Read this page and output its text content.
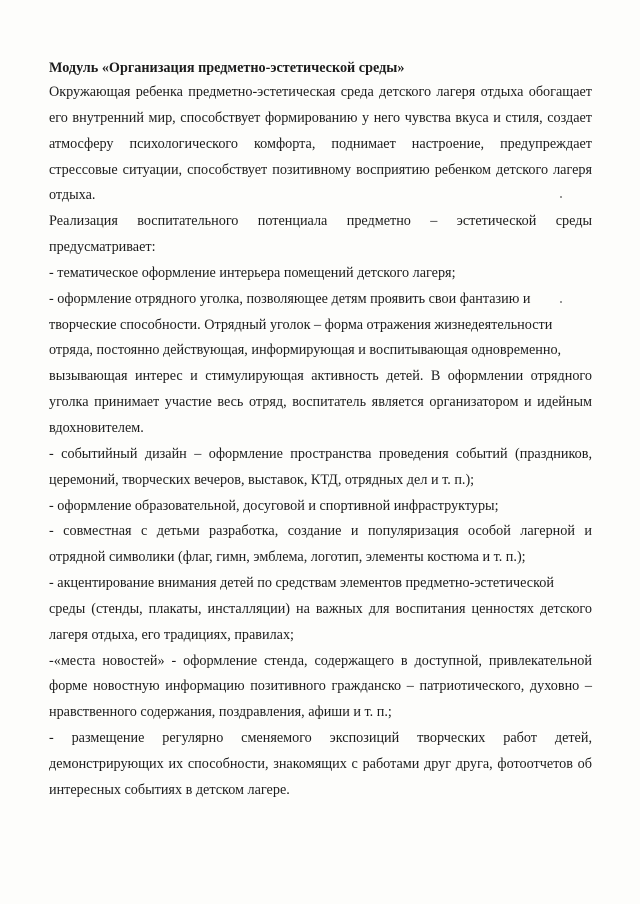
Модуль «Организация предметно-эстетической среды»

Окружающая ребенка предметно-эстетическая среда детского лагеря отдыха обогащает его внутренний мир, способствует формированию у него чувства вкуса и стиля, создает атмосферу психологического комфорта, поднимает настроение, предупреждает стрессовые ситуации, способствует позитивному восприятию ребенком детского лагеря отдыха.

Реализация воспитательного потенциала предметно – эстетической среды предусматривает:

- тематическое оформление интерьера помещений детского лагеря;

- оформление отрядного уголка, позволяющее детям проявить свои фантазию и
творческие способности. Отрядный уголок – форма отражения жизнедеятельности
отряда, постоянно действующая, информирующая и воспитывающая одновременно,
вызывающая интерес и стимулирующая активность детей. В оформлении отрядного уголка принимает участие весь отряд, воспитатель является организатором и идейным вдохновителем.

- событийный дизайн – оформление пространства проведения событий (праздников, церемоний, творческих вечеров, выставок, КТД, отрядных дел и т. п.);

- оформление образовательной, досуговой и спортивной инфраструктуры;

- совместная с детьми разработка, создание и популяризация особой лагерной и отрядной символики (флаг, гимн, эмблема, логотип, элементы костюма и т. п.);

- акцентирование внимания детей по средствам элементов предметно-эстетической
среды (стенды, плакаты, инсталляции) на важных для воспитания ценностях детского лагеря отдыха, его традициях, правилах;

-«места новостей» - оформление стенда, содержащего в доступной, привлекательной форме новостную информацию позитивного гражданско – патриотического, духовно – нравственного содержания, поздравления, афиши и т. п.;

- размещение регулярно сменяемого экспозиций творческих работ детей, демонстрирующих их способности, знакомящих с работами друг друга, фотоотчетов об интересных событиях в детском лагере.
